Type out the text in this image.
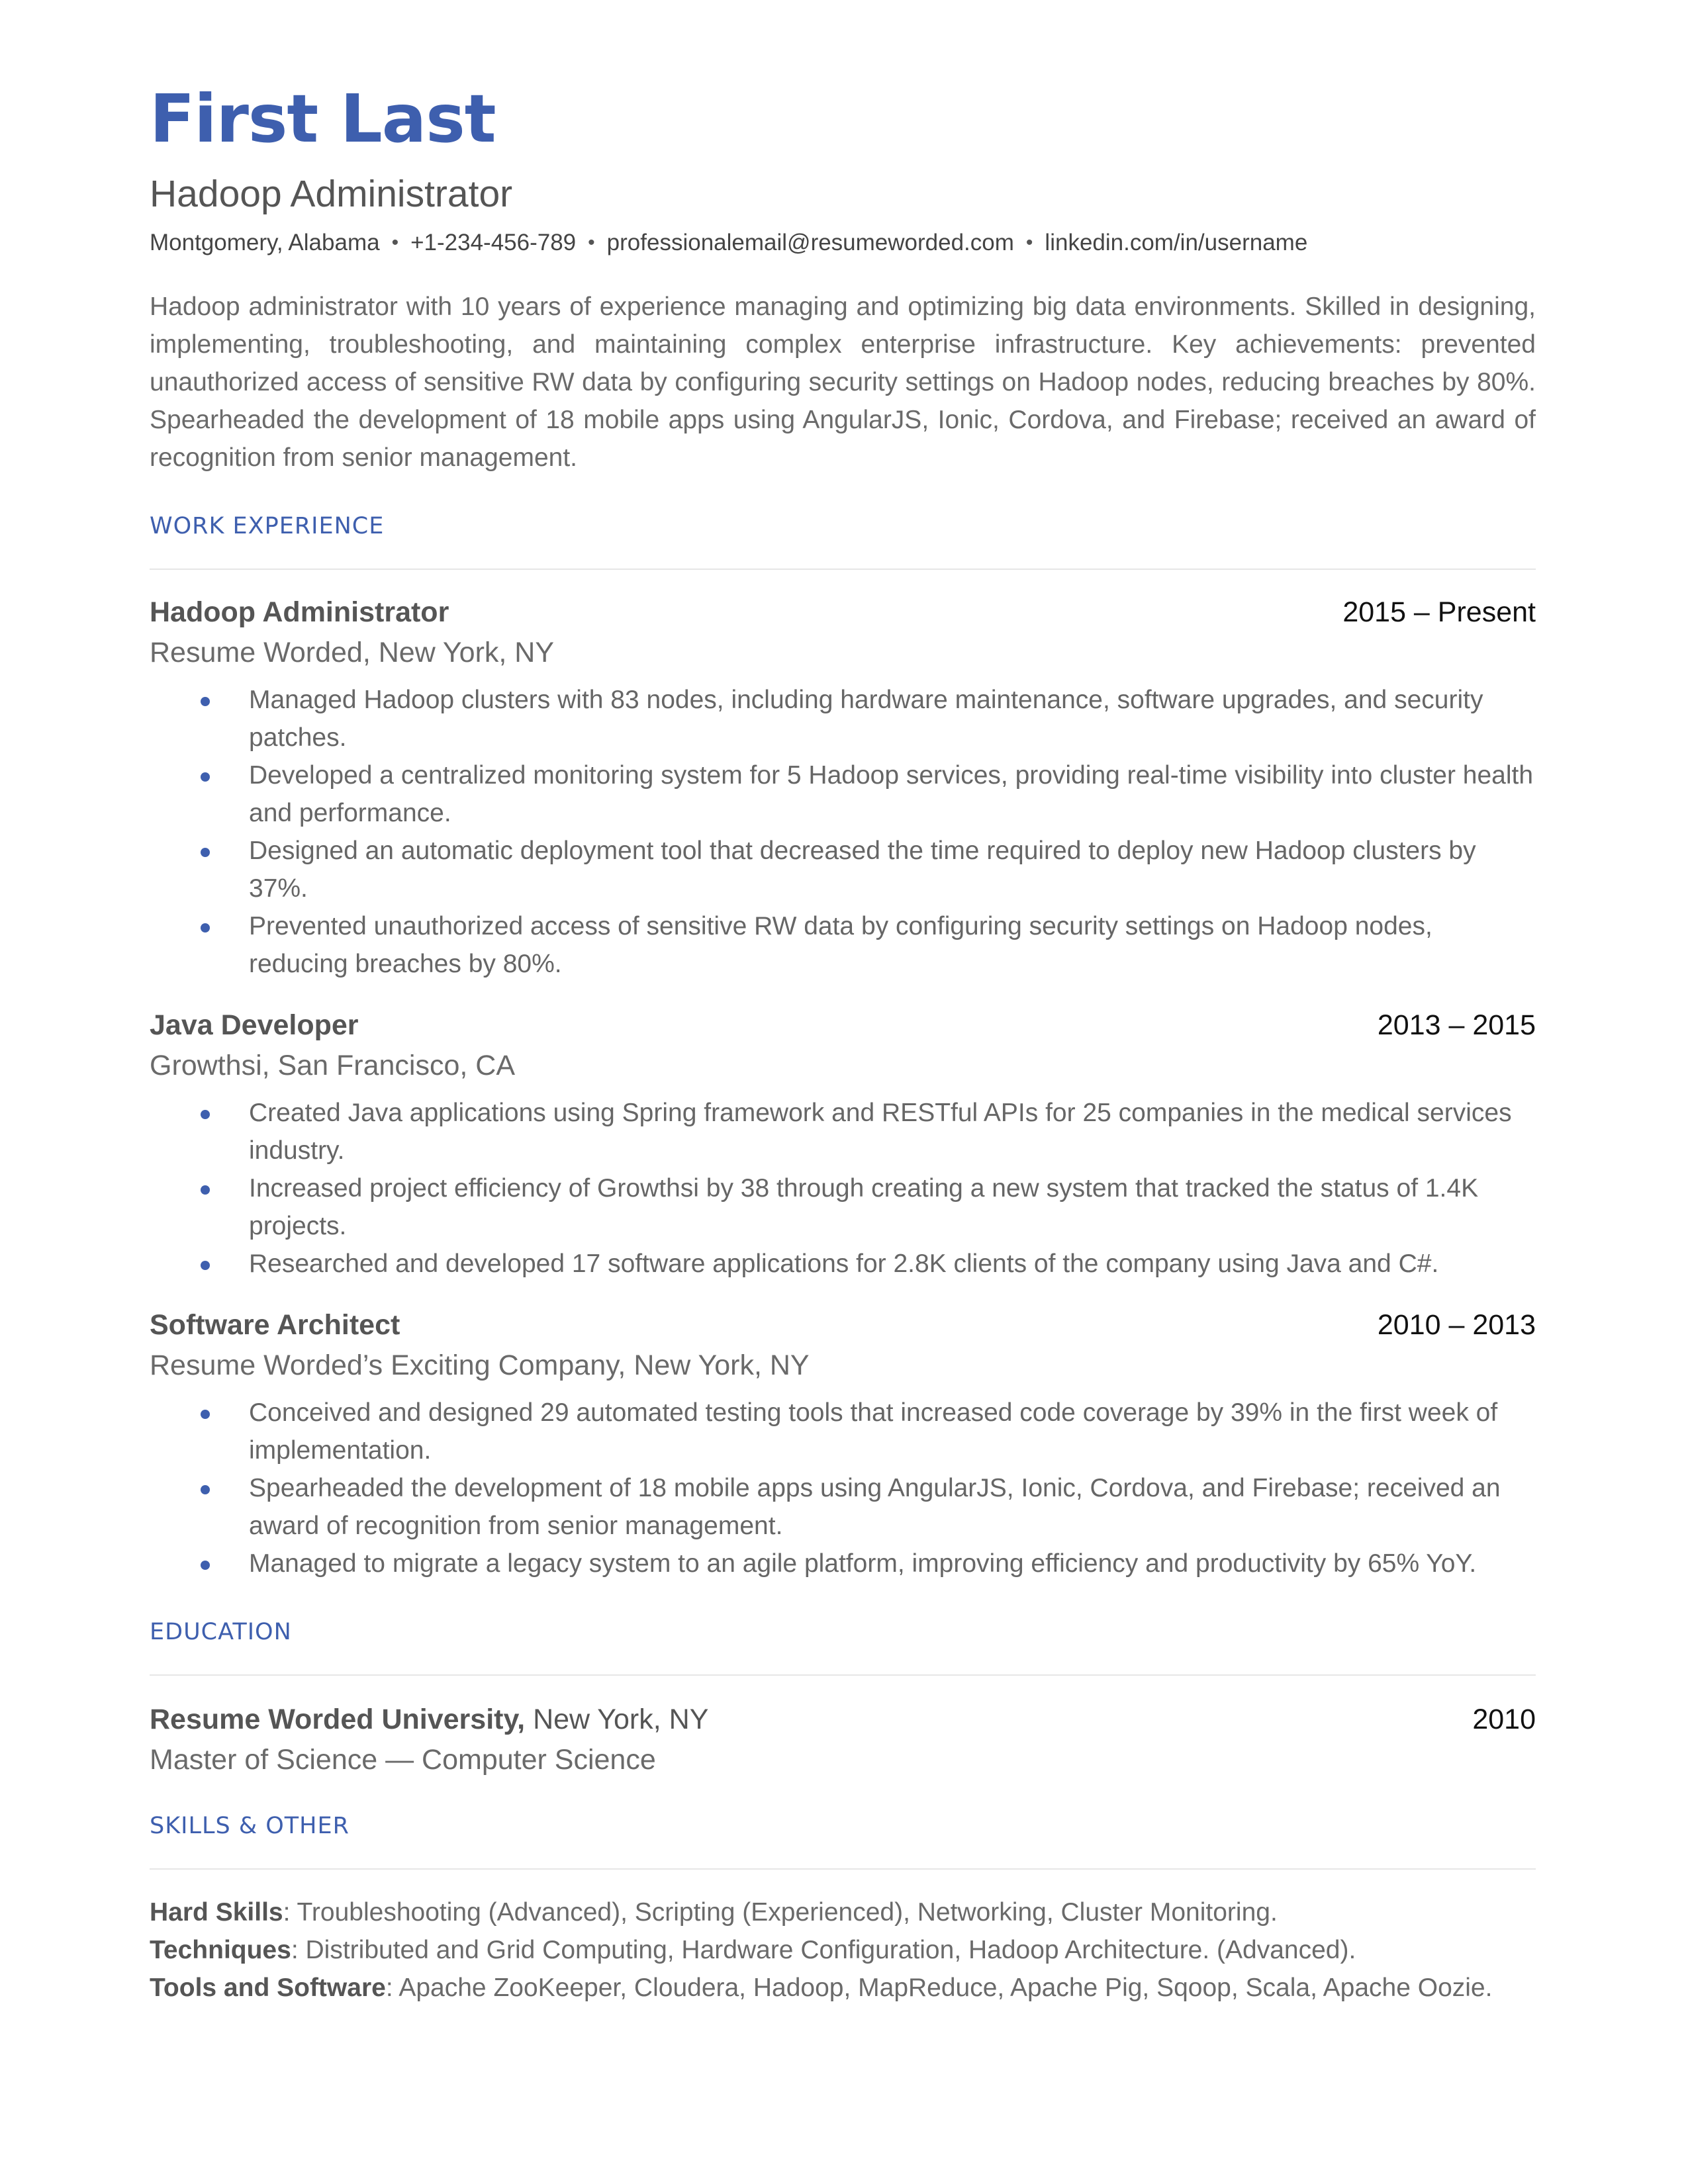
First Last
Hadoop Administrator
Montgomery, Alabama • +1-234-456-789 • professionalemail@resumeworded.com • linkedin.com/in/username
Hadoop administrator with 10 years of experience managing and optimizing big data environments. Skilled in designing, implementing, troubleshooting, and maintaining complex enterprise infrastructure. Key achievements: prevented unauthorized access of sensitive RW data by configuring security settings on Hadoop nodes, reducing breaches by 80%. Spearheaded the development of 18 mobile apps using AngularJS, Ionic, Cordova, and Firebase; received an award of recognition from senior management.
WORK EXPERIENCE
Hadoop Administrator	2015 – Present
Resume Worded, New York, NY
Managed Hadoop clusters with 83 nodes, including hardware maintenance, software upgrades, and security patches.
Developed a centralized monitoring system for 5 Hadoop services, providing real-time visibility into cluster health and performance.
Designed an automatic deployment tool that decreased the time required to deploy new Hadoop clusters by 37%.
Prevented unauthorized access of sensitive RW data by configuring security settings on Hadoop nodes, reducing breaches by 80%.
Java Developer	2013 – 2015
Growthsi, San Francisco, CA
Created Java applications using Spring framework and RESTful APIs for 25 companies in the medical services industry.
Increased project efficiency of Growthsi by 38 through creating a new system that tracked the status of 1.4K projects.
Researched and developed 17 software applications for 2.8K clients of the company using Java and C#.
Software Architect	2010 – 2013
Resume Worded’s Exciting Company, New York, NY
Conceived and designed 29 automated testing tools that increased code coverage by 39% in the first week of implementation.
Spearheaded the development of 18 mobile apps using AngularJS, Ionic, Cordova, and Firebase; received an award of recognition from senior management.
Managed to migrate a legacy system to an agile platform, improving efficiency and productivity by 65% YoY.
EDUCATION
Resume Worded University, New York, NY	2010
Master of Science — Computer Science
SKILLS & OTHER
Hard Skills: Troubleshooting (Advanced), Scripting (Experienced), Networking, Cluster Monitoring.
Techniques: Distributed and Grid Computing, Hardware Configuration, Hadoop Architecture. (Advanced).
Tools and Software: Apache ZooKeeper, Cloudera, Hadoop, MapReduce, Apache Pig, Sqoop, Scala, Apache Oozie.
